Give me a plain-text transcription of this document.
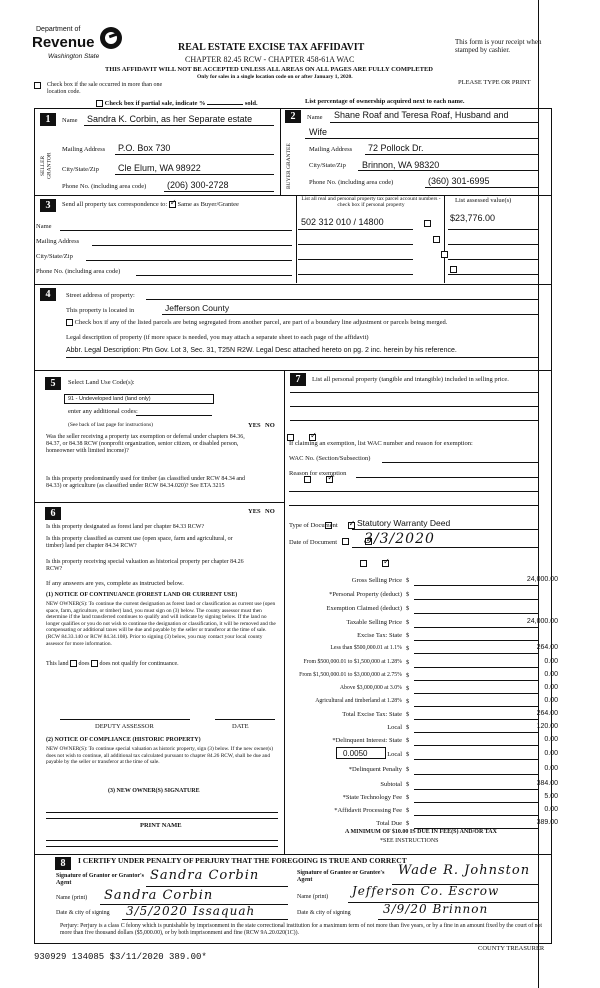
Department of
Revenue
Washington State
REAL ESTATE EXCISE TAX AFFIDAVIT
CHAPTER 82.45 RCW - CHAPTER 458-61A WAC
This form is your receipt when stamped by cashier.
THIS AFFIDAVIT WILL NOT BE ACCEPTED UNLESS ALL AREAS ON ALL PAGES ARE FULLY COMPLETED
Only for sales in a single location code on or after January 1, 2020.
PLEASE TYPE OR PRINT
Check box if the sale occurred in more than one location code.
Check box if partial sale, indicate %	sold.	List percentage of ownership acquired next to each name.
1	Name Sandra K. Corbin, as her Separate estate
SELLER GRANTOR
Mailing Address P.O. Box 730
City/State/Zip Cle Elum, WA 98922
Phone No. (including area code) (206) 300-2728
2	Name Shane Roaf and Teresa Roaf, Husband and
Wife
BUYER GRANTEE	Mailing Address 72 Pollock Dr.
City/State/Zip Brinnon, WA 98320
Phone No. (including area code)	(360) 301-6995
3	Send all property tax correspondence to: ✓ Same as Buyer/Grantee
List all real and personal property tax parcel account numbers - check box if personal property
List assessed value(s)
Name
Mailing Address
City/State/Zip
Phone No. (including area code)
502 312 010 / 14800	$23,776.00

4	Street address of property:
This property is located in	Jefferson County
Check box if any of the listed parcels are being segregated from another parcel, are part of a boundary line adjustment or parcels being merged.
Legal description of property (if more space is needed, you may attach a separate sheet to each page of the affidavit)
Abbr. Legal Description: Ptn Gov. Lot 3, Sec. 31, T25N R2W. Legal Desc attached hereto on pg. 2 inc. herein by his reference.
5	Select Land Use Code(s):
91 - Undeveloped land (land only)
enter any additional codes:
(See back of last page for instructions)	YES NO
Was the seller receiving a property tax exemption or deferral under chapters 84.36, 84.37, or 84.38 RCW (nonprofit organization, senior citizen, or disabled person, homeowner with limited income)?
✓
Is this property predominantly used for timber (as classified under RCW 84.34 and 84.33) or agriculture (as classified under RCW 84.34.020)? See ETA 3215
✓
6	YES NO
Is this property designated as forest land per chapter 84.33 RCW?
✓
Is this property classified as current use (open space, farm and agricultural, or timber) land per chapter 84.34 RCW?
✓
Is this property receiving special valuation as historical property per chapter 84.26 RCW?
✓
If any answers are yes, complete as instructed below.
(1) NOTICE OF CONTINUANCE (FOREST LAND OR CURRENT USE)
NEW OWNER(S): To continue the current designation as forest land or classification as current use (open space, farm, agriculture, or timber) land, you must sign on (3) below. The county assessor must then determine if the land transferred continues to qualify and will indicate by signing below. If the land no longer qualifies or you do not wish to continue the designation or classification, it will be removed and the compensating or additional taxes will be due and payable by the seller or transferor at the time of sale. (RCW 84.33.140 or RCW 84.34.108). Prior to signing (3) below, you may contact your local county assessor for more information.
This land does does not qualify for continuance.
DEPUTY ASSESSOR	DATE
(2) NOTICE OF COMPLIANCE (HISTORIC PROPERTY)
NEW OWNER(S): To continue special valuation as historic property, sign (3) below. If the new owner(s) does not wish to continue, all additional tax calculated pursuant to chapter 84.26 RCW, shall be due and payable by the seller or transferor at the time of sale.
(3) NEW OWNER(S) SIGNATURE
PRINT NAME
7	List all personal property (tangible and intangible) included in selling price.
If claiming an exemption, list WAC number and reason for exemption:
WAC No. (Section/Subsection)
Reason for exemption
Type of Document Statutory Warranty Deed
Date of Document 3/3/2020
Gross Selling Price $	24,000.00
*Personal Property (deduct) $
Exemption Claimed (deduct) $
Taxable Selling Price $	24,000.00
Excise Tax: State $
Less than $500,000.01 at 1.1% $	264.00
From $500,000.01 to $1,500,000 at 1.28% $	0.00
From $1,500,000.01 to $3,000,000 at 2.75% $	0.00
Above $3,000,000 at 3.0% $	0.00
Agricultural and timberland at 1.28% $	0.00
Total Excise Tax: State $	264.00
Local $	120.00
*Delinquent Interest: State $	0.00
Local $	0.00
*Delinquent Penalty $	0.00
Subtotal $	384.00
*State Technology Fee $	5.00
*Affidavit Processing Fee $	0.00
Total Due $	389.00
0.0050
A MINIMUM OF $10.00 IS DUE IN FEE(S) AND/OR TAX
*SEE INSTRUCTIONS
8	I CERTIFY UNDER PENALTY OF PERJURY THAT THE FOREGOING IS TRUE AND CORRECT
Signature of Grantor or Grantor's Agent	Sandra Corbin
Name (print) Sandra Corbin
Date & city of signing 3/5/2020 Issaquah
Signature of Grantee or Grantee's Agent
Wade R. Johnston
Name (print) Jefferson Co. Escrow
Date & city of signing	3/9/20 Brinnon
Perjury: Perjury is a class C felony which is punishable by imprisonment in the state correctional institution for a maximum term of not more than five years, or by a fine in an amount fixed by the court of not more than five thousand dollars ($5,000.00), or by both imprisonment and fine (RCW 9A.20.020(1C)).
COUNTY TREASURER
930929 134085 $3/11/2020 389.00*
